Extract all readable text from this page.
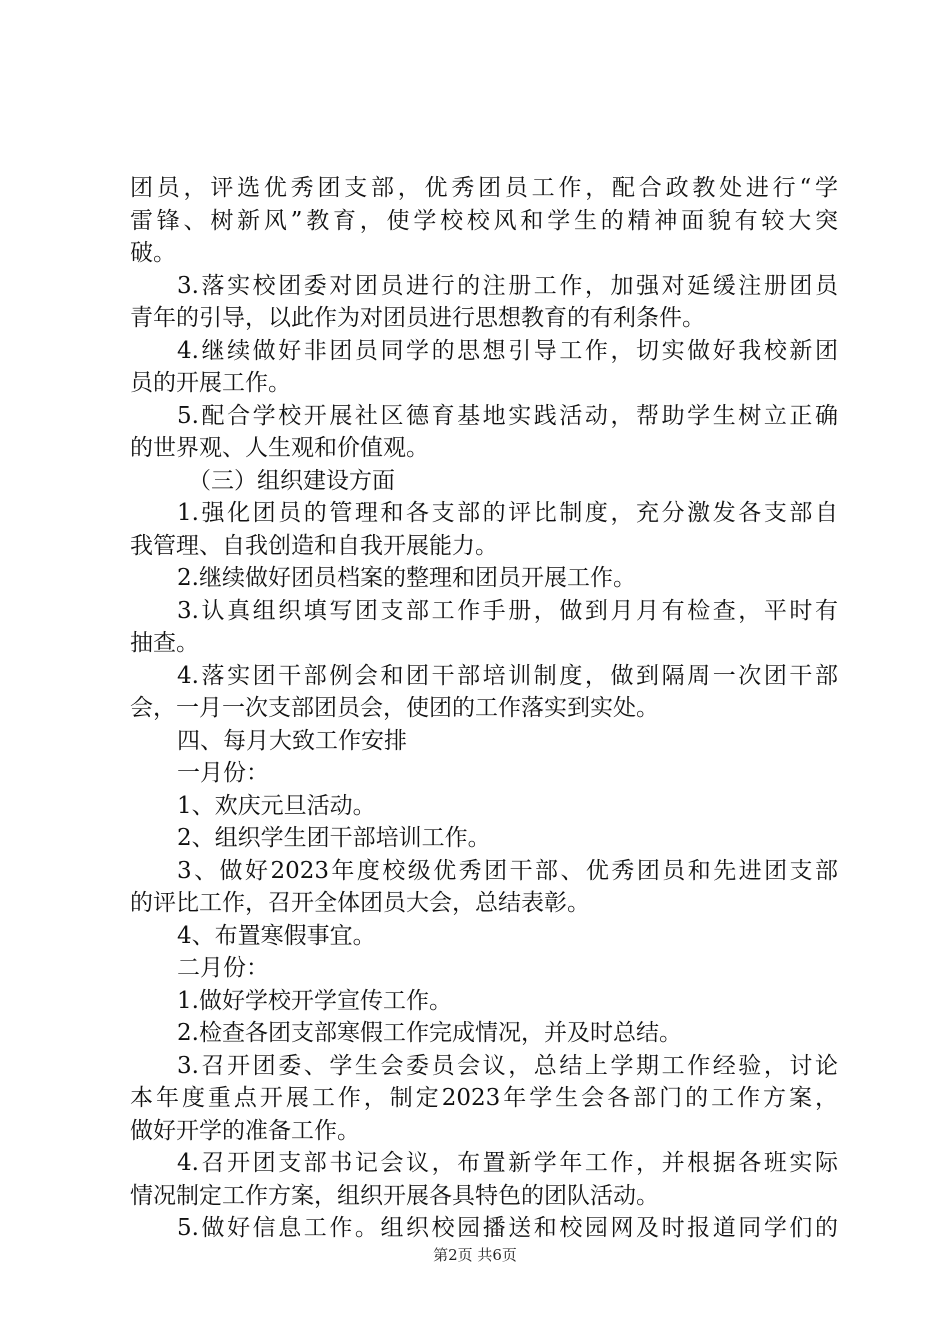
团员，评选优秀团支部，优秀团员工作，配合政教处进行“学
雷锋、树新风”教育，使学校校风和学生的精神面貌有较大突
破。
3.落实校团委对团员进行的注册工作，加强对延缓注册团员
青年的引导，以此作为对团员进行思想教育的有利条件。
4.继续做好非团员同学的思想引导工作，切实做好我校新团
员的开展工作。
5.配合学校开展社区德育基地实践活动，帮助学生树立正确
的世界观、人生观和价值观。
（三）组织建设方面
1.强化团员的管理和各支部的评比制度，充分激发各支部自
我管理、自我创造和自我开展能力。
2.继续做好团员档案的整理和团员开展工作。
3.认真组织填写团支部工作手册，做到月月有检查，平时有
抽查。
4.落实团干部例会和团干部培训制度，做到隔周一次团干部
会，一月一次支部团员会，使团的工作落实到实处。
四、每月大致工作安排
一月份：
1、欢庆元旦活动。
2、组织学生团干部培训工作。
3、做好2023年度校级优秀团干部、优秀团员和先进团支部
的评比工作，召开全体团员大会，总结表彰。
4、布置寒假事宜。
二月份：
1.做好学校开学宣传工作。
2.检查各团支部寒假工作完成情况，并及时总结。
3.召开团委、学生会委员会议，总结上学期工作经验，讨论
本年度重点开展工作，制定2023年学生会各部门的工作方案，
做好开学的准备工作。
4.召开团支部书记会议，布置新学年工作，并根据各班实际
情况制定工作方案，组织开展各具特色的团队活动。
5.做好信息工作。组织校园播送和校园网及时报道同学们的
第2页 共6页
